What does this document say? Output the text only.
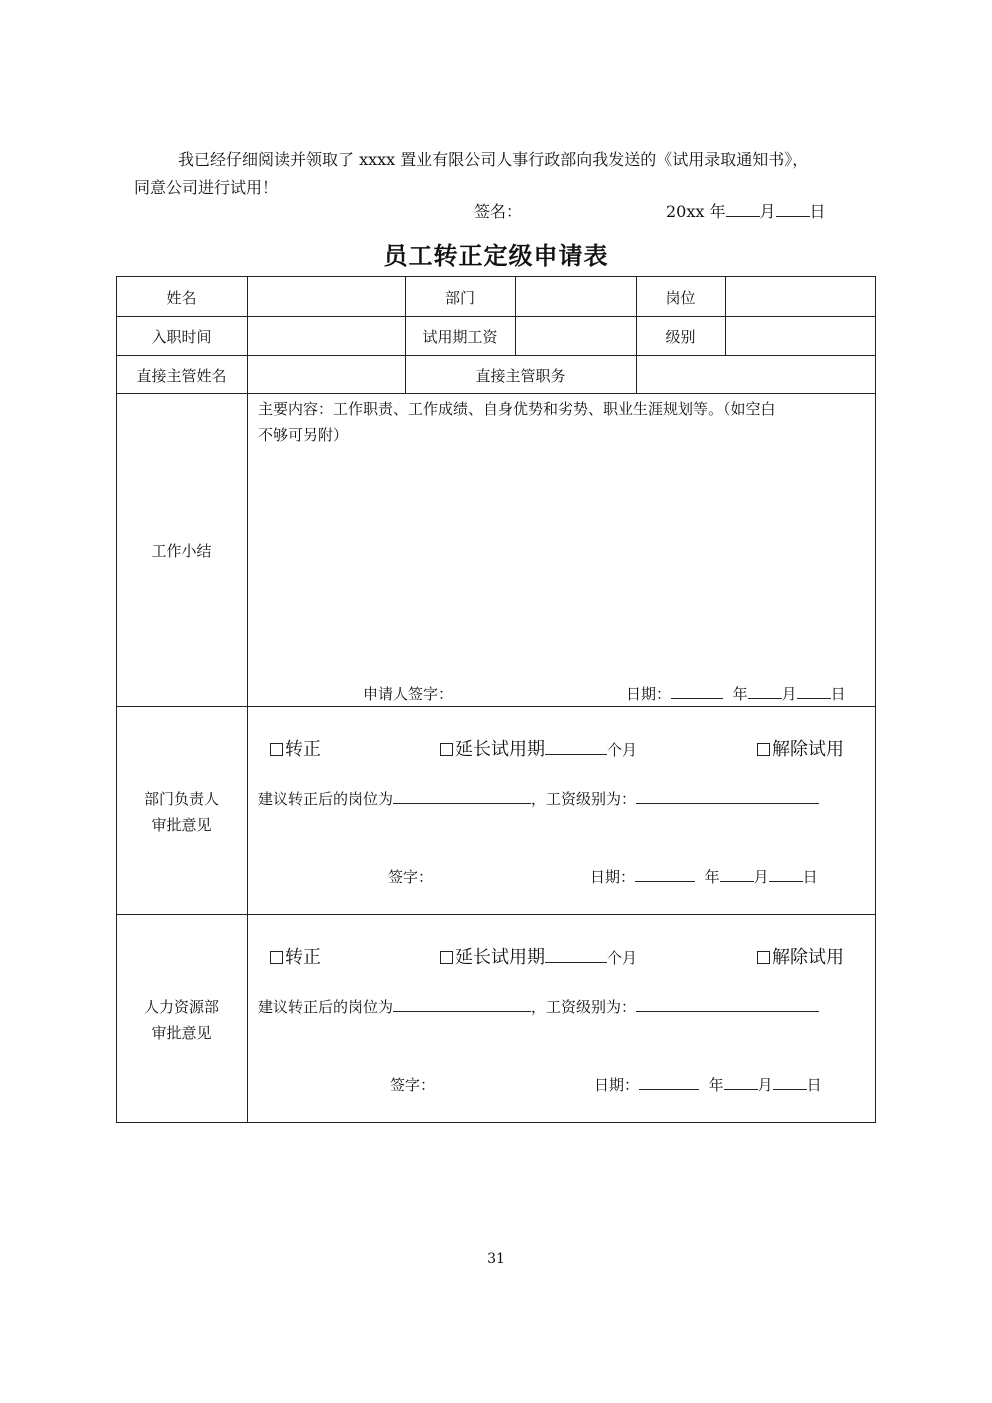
我已经仔细阅读并领取了 xxxx 置业有限公司人事行政部向我发送的《试用录取通知书》，
同意公司进行试用！
签名：	20xx 年 月 日
员工转正定级申请表
姓名	部门	岗位
入职时间	试用期工资	级别
直接主管姓名	直接主管职务
工作小结
主要内容：工作职责、工作成绩、自身优势和劣势、职业生涯规划等。（如空白
不够可另附）
申请人签字：	日期：	年 月 日
部门负责人
审批意见
转正	延长试用期	个月	解除试用
建议转正后的岗位为	，工资级别为：
签字：	日期：	年 月 日
人力资源部
审批意见
转正	延长试用期	个月	解除试用
建议转正后的岗位为	，工资级别为：
签字：	日期：	年 月 日
31
